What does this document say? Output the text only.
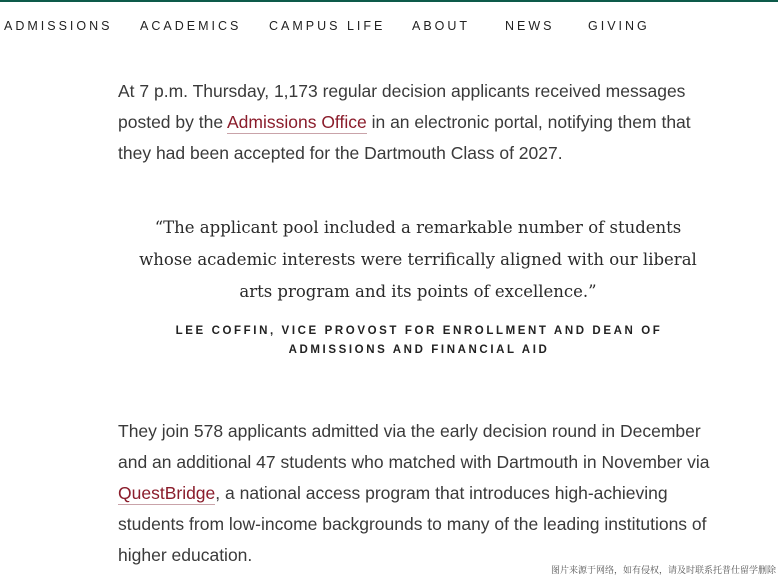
ADMISSIONS ACADEMICS CAMPUS LIFE ABOUT	NEWS	GIVING

At 7 p.m. Thursday, 1,173 regular decision applicants received messages posted by the Admissions Office in an electronic portal, notifying them that they had been accepted for the Dartmouth Class of 2027.

“The applicant pool included a remarkable number of students
whose academic interests were terrifically aligned with our liberal
arts program and its points of excellence.”

LEE COFFIN, VICE PROVOST FOR ENROLLMENT AND DEAN OF ADMISSIONS AND FINANCIAL AID

They join 578 applicants admitted via the early decision round in December and an additional 47 students who matched with Dartmouth in November via QuestBridge, a national access program that introduces high-achieving students from low-income backgrounds to many of the leading institutions of higher education.

图片来源于网络，如有侵权，请及时联系托普仕留学删除
